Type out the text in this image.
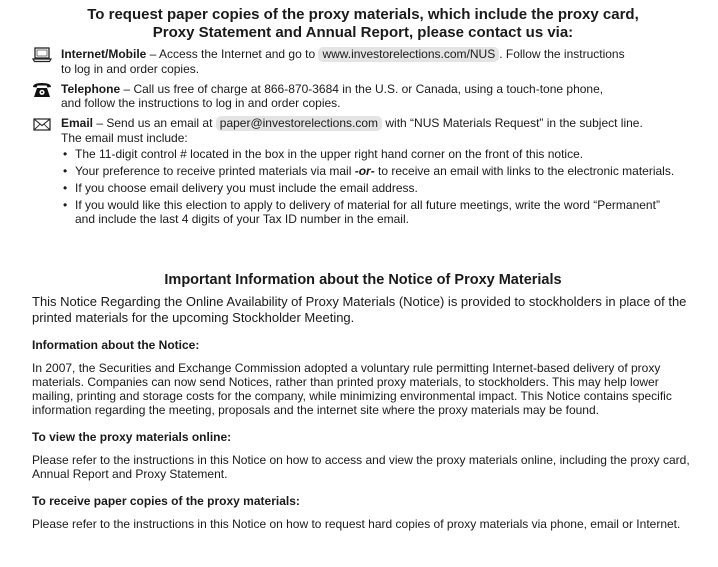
To request paper copies of the proxy materials, which include the proxy card,
Proxy Statement and Annual Report, please contact us via:
Internet/Mobile – Access the Internet and go to www.investorelections.com/NUS . Follow the instructions
to log in and order copies.
Telephone – Call us free of charge at 866-870-3684 in the U.S. or Canada, using a touch-tone phone,
and follow the instructions to log in and order copies.
Email – Send us an email at paper@investorelections.com with “NUS Materials Request” in the subject line.
The email must include:
• The 11-digit control # located in the box in the upper right hand corner on the front of this notice.
• Your preference to receive printed materials via mail -or- to receive an email with links to the electronic materials.
• If you choose email delivery you must include the email address.
• If you would like this election to apply to delivery of material for all future meetings, write the word “Permanent”
and include the last 4 digits of your Tax ID number in the email.
Important Information about the Notice of Proxy Materials

This Notice Regarding the Online Availability of Proxy Materials (Notice) is provided to stockholders in place of the printed materials for the upcoming Stockholder Meeting.

Information about the Notice:

In 2007, the Securities and Exchange Commission adopted a voluntary rule permitting Internet-based delivery of proxy materials. Companies can now send Notices, rather than printed proxy materials, to stockholders. This may help lower mailing, printing and storage costs for the company, while minimizing environmental impact. This Notice contains specific information regarding the meeting, proposals and the internet site where the proxy materials may be found.

To view the proxy materials online:

Please refer to the instructions in this Notice on how to access and view the proxy materials online, including the proxy card, Annual Report and Proxy Statement.

To receive paper copies of the proxy materials:

Please refer to the instructions in this Notice on how to request hard copies of proxy materials via phone, email or Internet.
